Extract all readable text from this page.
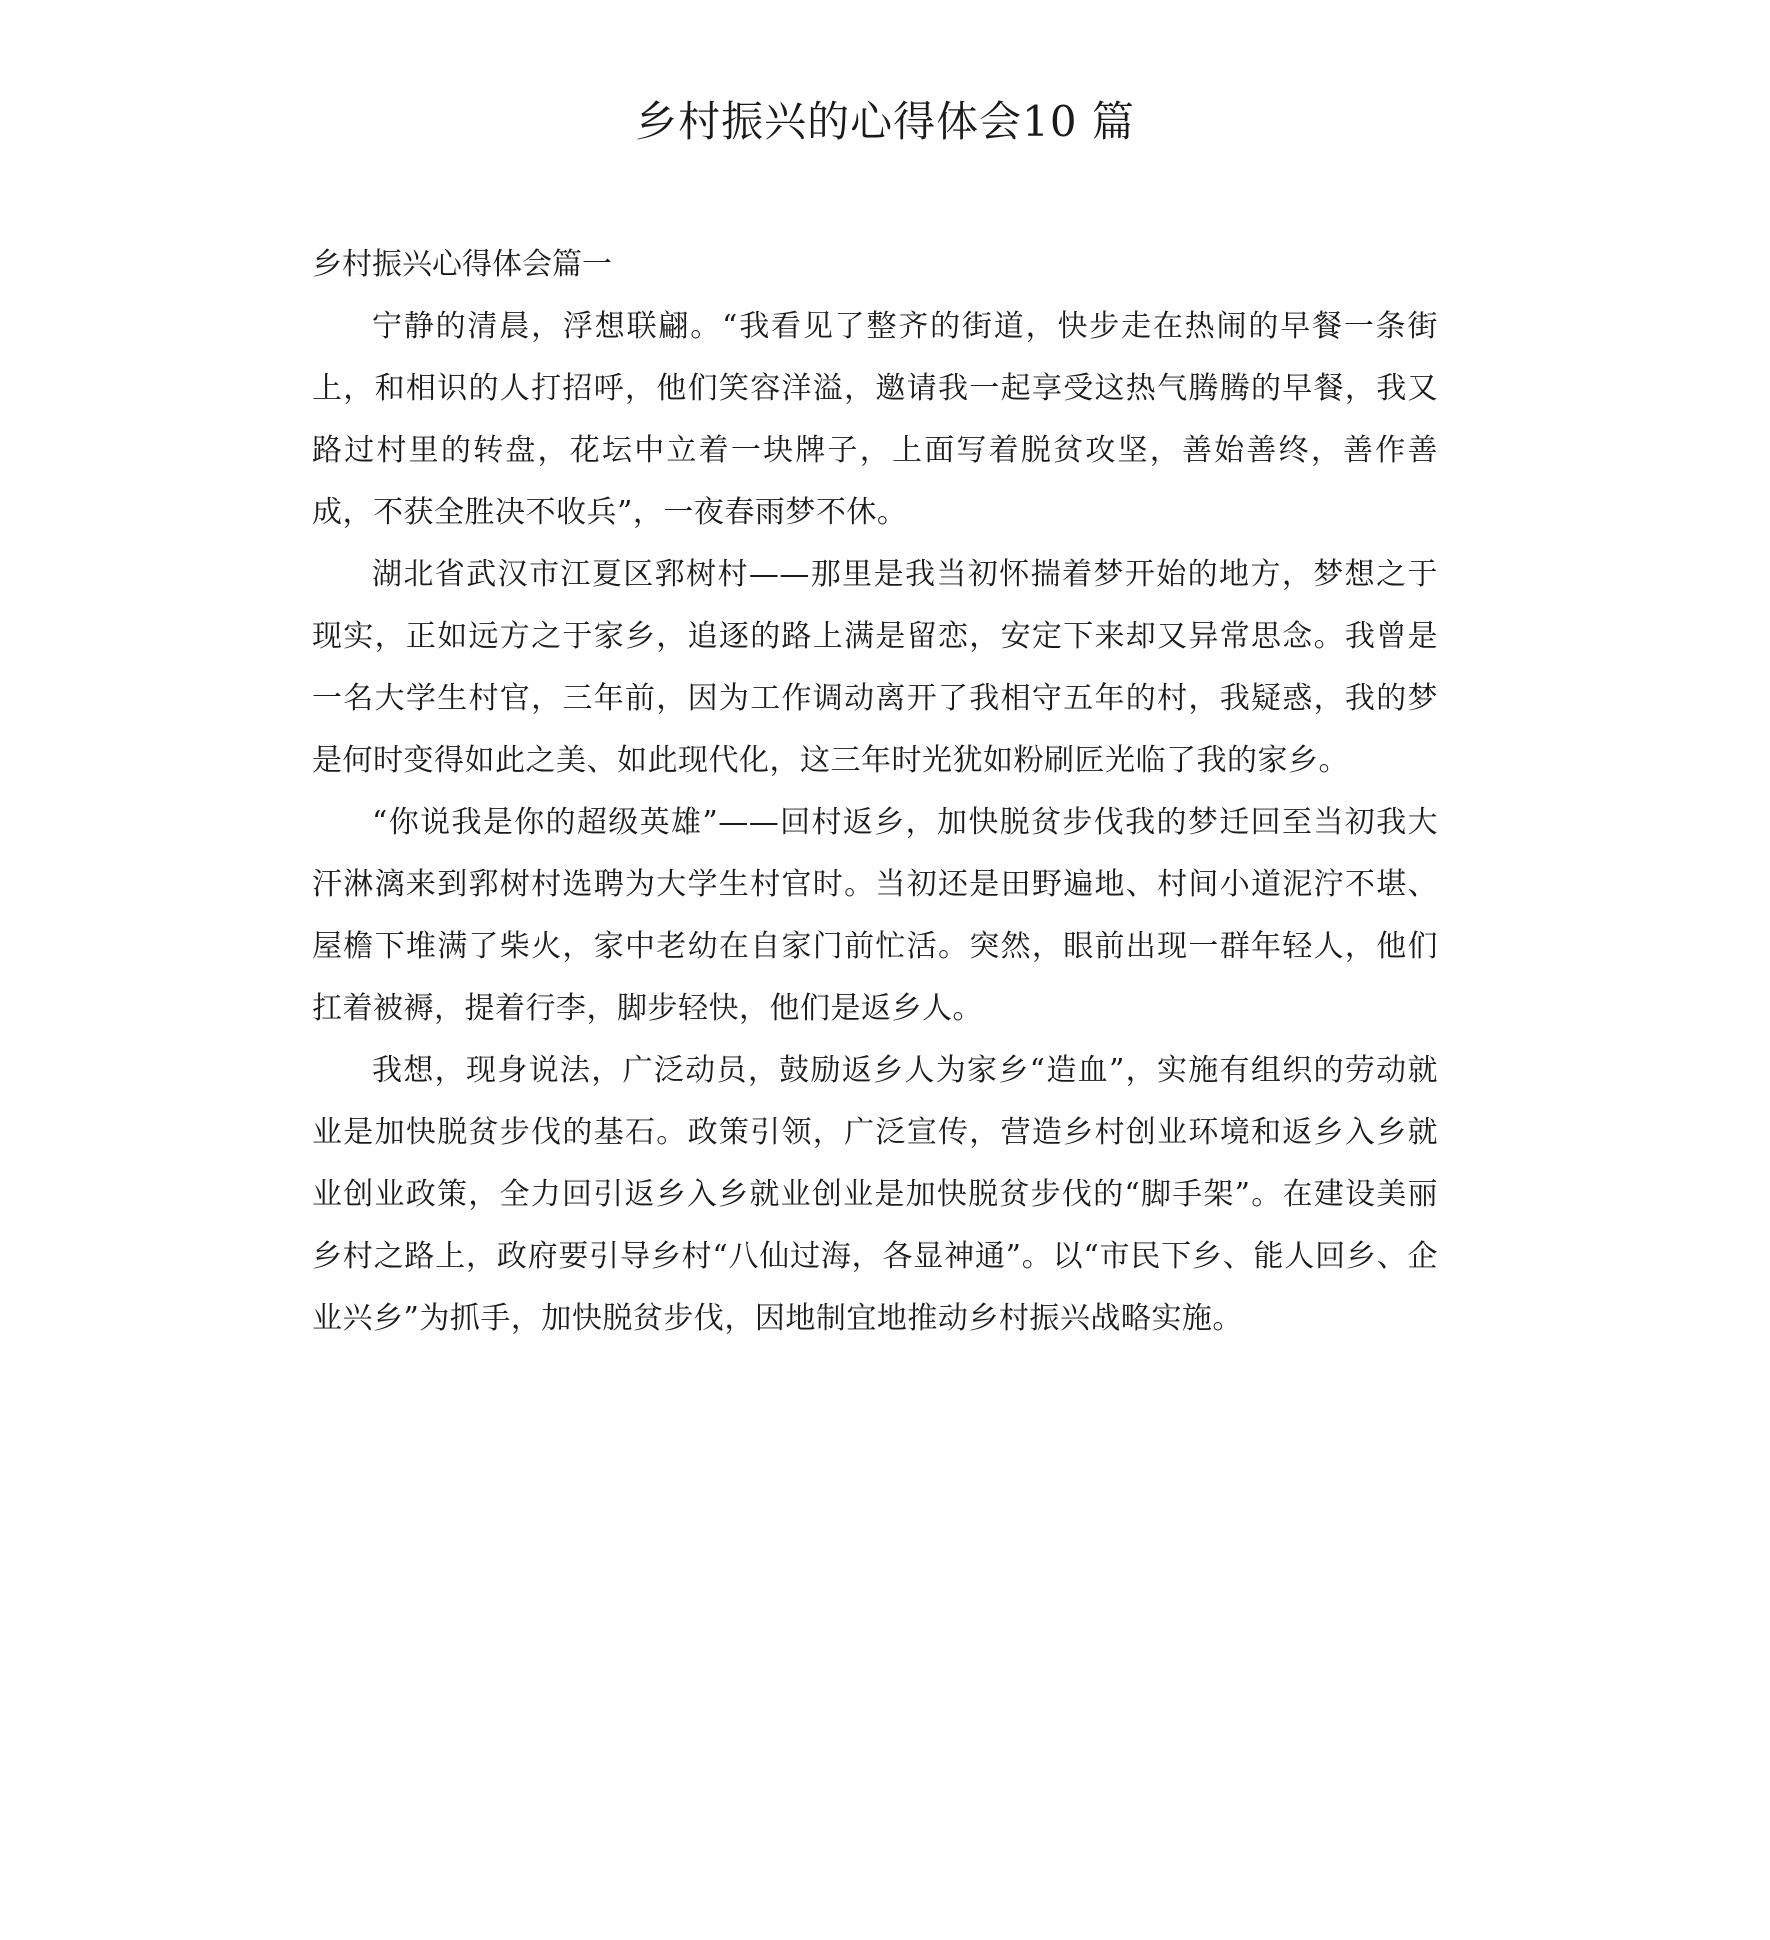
乡村振兴的心得体会10 篇

乡村振兴心得体会篇一

宁静的清晨，浮想联翩。“我看见了整齐的街道，快步走在热闹的早餐一条街上，和相识的人打招呼，他们笑容洋溢，邀请我一起享受这热气腾腾的早餐，我又路过村里的转盘，花坛中立着一块牌子，上面写着脱贫攻坚，善始善终，善作善成，不获全胜决不收兵”，一夜春雨梦不休。

湖北省武汉市江夏区郛树村——那里是我当初怀揣着梦开始的地方，梦想之于现实，正如远方之于家乡，追逐的路上满是留恋，安定下来却又异常思念。我曾是一名大学生村官，三年前，因为工作调动离开了我相守五年的村，我疑惑，我的梦是何时变得如此之美、如此现代化，这三年时光犹如粉刷匠光临了我的家乡。

“你说我是你的超级英雄”——回村返乡，加快脱贫步伐我的梦迁回至当初我大汗淋漓来到郛树村选聘为大学生村官时。当初还是田野遍地、村间小道泥泞不堪、屋檐下堆满了柴火，家中老幼在自家门前忙活。突然，眼前出现一群年轻人，他们扛着被褥，提着行李，脚步轻快，他们是返乡人。

我想，现身说法，广泛动员，鼓励返乡人为家乡“造血”，实施有组织的劳动就业是加快脱贫步伐的基石。政策引领，广泛宣传，营造乡村创业环境和返乡入乡就业创业政策，全力回引返乡入乡就业创业是加快脱贫步伐的“脚手架”。在建设美丽乡村之路上，政府要引导乡村“八仙过海，各显神通”。以“市民下乡、能人回乡、企业兴乡”为抓手，加快脱贫步伐，因地制宜地推动乡村振兴战略实施。
